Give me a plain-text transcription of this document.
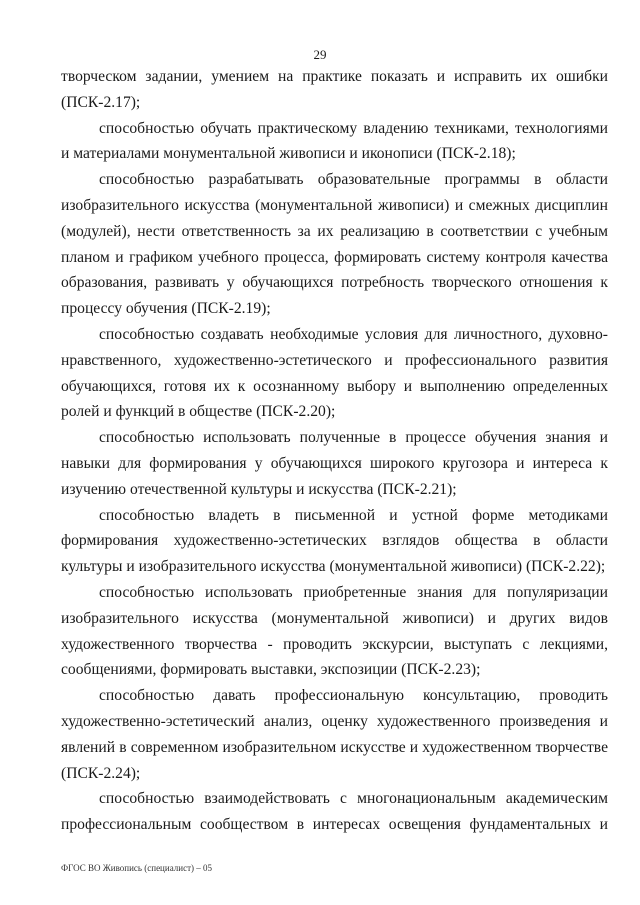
29

творческом задании, умением на практике показать и исправить их ошибки (ПСК-2.17);

способностью обучать практическому владению техниками, технологиями и материалами монументальной живописи и иконописи (ПСК-2.18);

способностью разрабатывать образовательные программы в области изобразительного искусства (монументальной живописи) и смежных дисциплин (модулей), нести ответственность за их реализацию в соответствии с учебным планом и графиком учебного процесса, формировать систему контроля качества образования, развивать у обучающихся потребность творческого отношения к процессу обучения (ПСК-2.19);

способностью создавать необходимые условия для личностного, духовно-нравственного, художественно-эстетического и профессионального развития обучающихся, готовя их к осознанному выбору и выполнению определенных ролей и функций в обществе (ПСК-2.20);

способностью использовать полученные в процессе обучения знания и навыки для формирования у обучающихся широкого кругозора и интереса к изучению отечественной культуры и искусства (ПСК-2.21);

способностью владеть в письменной и устной форме методиками формирования художественно-эстетических взглядов общества в области культуры и изобразительного искусства (монументальной живописи) (ПСК-2.22);

способностью использовать приобретенные знания для популяризации изобразительного искусства (монументальной живописи) и других видов художественного творчества - проводить экскурсии, выступать с лекциями, сообщениями, формировать выставки, экспозиции (ПСК-2.23);

способностью давать профессиональную консультацию, проводить художественно-эстетический анализ, оценку художественного произведения и явлений в современном изобразительном искусстве и художественном творчестве (ПСК-2.24);

способностью взаимодействовать с многонациональным академическим профессиональным сообществом в интересах освещения фундаментальных и

ФГОС ВО Живопись (специалист) – 05
